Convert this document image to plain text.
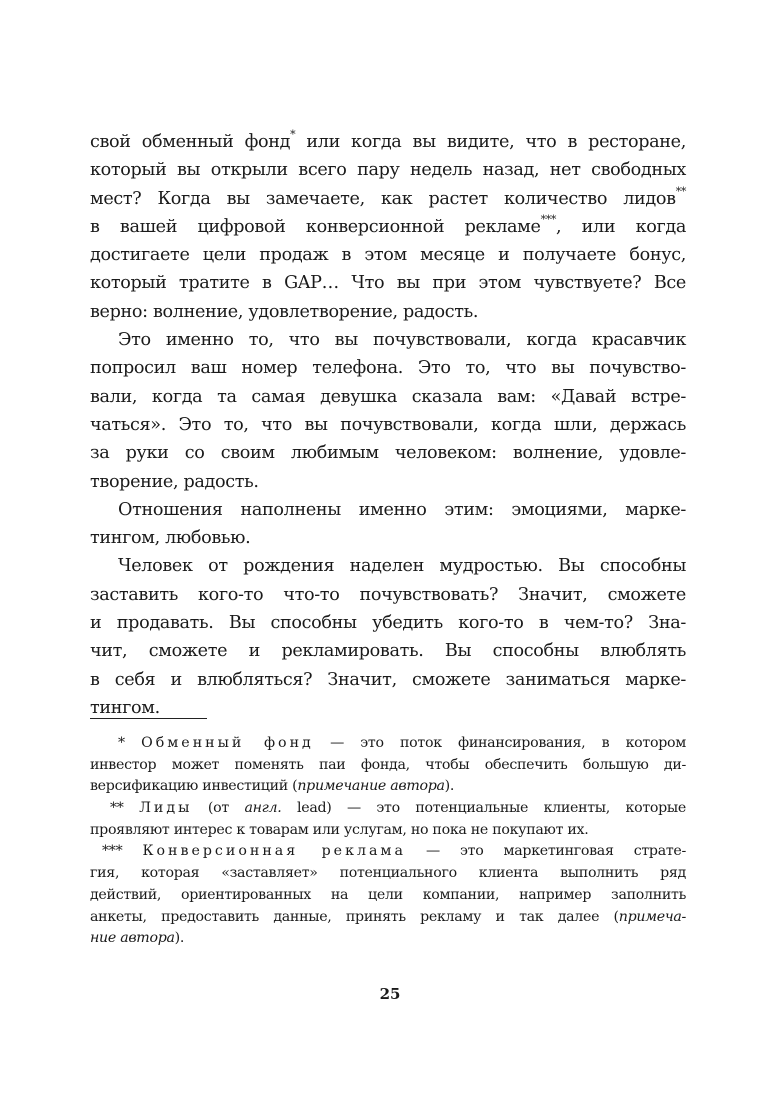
свой обменный фонд* или когда вы видите, что в ресторане,
который вы открыли всего пару недель назад, нет свободных
мест? Когда вы замечаете, как растет количество лидов**
в вашей цифровой конверсионной рекламе***, или когда
достигаете цели продаж в этом месяце и получаете бонус,
который тратите в GAP… Что вы при этом чувствуете? Все
верно: волнение, удовлетворение, радость.
Это именно то, что вы почувствовали, когда красавчик
попросил ваш номер телефона. Это то, что вы почувство-
вали, когда та самая девушка сказала вам: «Давай встре-
чаться». Это то, что вы почувствовали, когда шли, держась
за руки со своим любимым человеком: волнение, удовле-
творение, радость.
Отношения наполнены именно этим: эмоциями, марке-
тингом, любовью.
Человек от рождения наделен мудростью. Вы способны
заставить кого-то что-то почувствовать? Значит, сможете
и продавать. Вы способны убедить кого-то в чем-то? Зна-
чит, сможете и рекламировать. Вы способны влюблять
в себя и влюбляться? Значит, сможете заниматься марке-
тингом.
* Обменный фонд — это поток финансирования, в котором
инвестор может поменять паи фонда, чтобы обеспечить большую ди-
версификацию инвестиций (примечание автора).
** Лиды (от англ. lead) — это потенциальные клиенты, которые
проявляют интерес к товарам или услугам, но пока не покупают их.
*** Конверсионная реклама — это маркетинговая страте-
гия, которая «заставляет» потенциального клиента выполнить ряд
действий, ориентированных на цели компании, например заполнить
анкеты, предоставить данные, принять рекламу и так далее (примеча-
ние автора).
25
